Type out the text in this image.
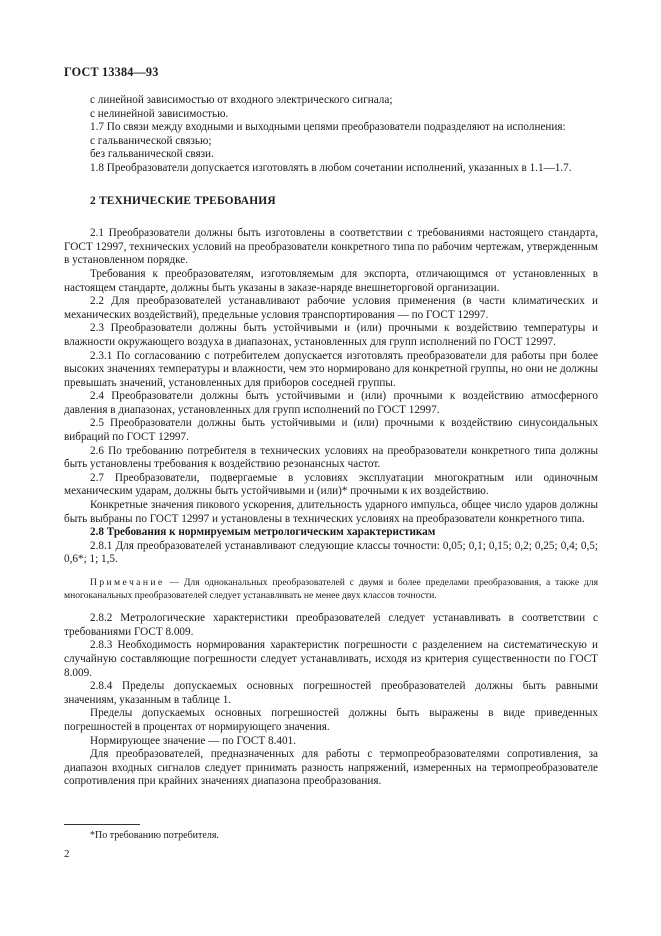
ГОСТ 13384—93

с линейной зависимостью от входного электрического сигнала;

с нелинейной зависимостью.

1.7 По связи между входными и выходными цепями преобразователи подразделяют на исполнения:

с гальванической связью;

без гальванической связи.

1.8 Преобразователи допускается изготовлять в любом сочетании исполнений, указанных в 1.1—1.7.

2 ТЕХНИЧЕСКИЕ ТРЕБОВАНИЯ

2.1 Преобразователи должны быть изготовлены в соответствии с требованиями настоящего стандарта, ГОСТ 12997, технических условий на преобразователи конкретного типа по рабочим чертежам, утвержденным в установленном порядке.

Требования к преобразователям, изготовляемым для экспорта, отличающимся от установленных в настоящем стандарте, должны быть указаны в заказе-наряде внешнеторговой организации.

2.2 Для преобразователей устанавливают рабочие условия применения (в части климатических и механических воздействий), предельные условия транспортирования — по ГОСТ 12997.

2.3 Преобразователи должны быть устойчивыми и (или) прочными к воздействию температуры и влажности окружающего воздуха в диапазонах, установленных для групп исполнений по ГОСТ 12997.

2.3.1 По согласованию с потребителем допускается изготовлять преобразователи для работы при более высоких значениях температуры и влажности, чем это нормировано для конкретной группы, но они не должны превышать значений, установленных для приборов соседней группы.

2.4 Преобразователи должны быть устойчивыми и (или) прочными к воздействию атмосферного давления в диапазонах, установленных для групп исполнений по ГОСТ 12997.

2.5 Преобразователи должны быть устойчивыми и (или) прочными к воздействию синусоидальных вибраций по ГОСТ 12997.

2.6 По требованию потребителя в технических условиях на преобразователи конкретного типа должны быть установлены требования к воздействию резонансных частот.

2.7 Преобразователи, подвергаемые в условиях эксплуатации многократным или одиночным механическим ударам, должны быть устойчивыми и (или)* прочными к их воздействию.

Конкретные значения пикового ускорения, длительность ударного импульса, общее число ударов должны быть выбраны по ГОСТ 12997 и установлены в технических условиях на преобразователи конкретного типа.

2.8 Требования к нормируемым метрологическим характеристикам

2.8.1 Для преобразователей устанавливают следующие классы точности: 0,05; 0,1; 0,15; 0,2; 0,25; 0,4; 0,5; 0,6*; 1; 1,5.

Примечание — Для одноканальных преобразователей с двумя и более пределами преобразования, а также для многоканальных преобразователей следует устанавливать не менее двух классов точности.

2.8.2 Метрологические характеристики преобразователей следует устанавливать в соответствии с требованиями ГОСТ 8.009.

2.8.3 Необходимость нормирования характеристик погрешности с разделением на систематическую и случайную составляющие погрешности следует устанавливать, исходя из критерия существенности по ГОСТ 8.009.

2.8.4 Пределы допускаемых основных погрешностей преобразователей должны быть равными значениям, указанным в таблице 1.

Пределы допускаемых основных погрешностей должны быть выражены в виде приведенных погрешностей в процентах от нормирующего значения.

Нормирующее значение — по ГОСТ 8.401.

Для преобразователей, предназначенных для работы с термопреобразователями сопротивления, за диапазон входных сигналов следует принимать разность напряжений, измеренных на термопреобразователе сопротивления при крайних значениях диапазона преобразования.

*По требованию потребителя.
2
